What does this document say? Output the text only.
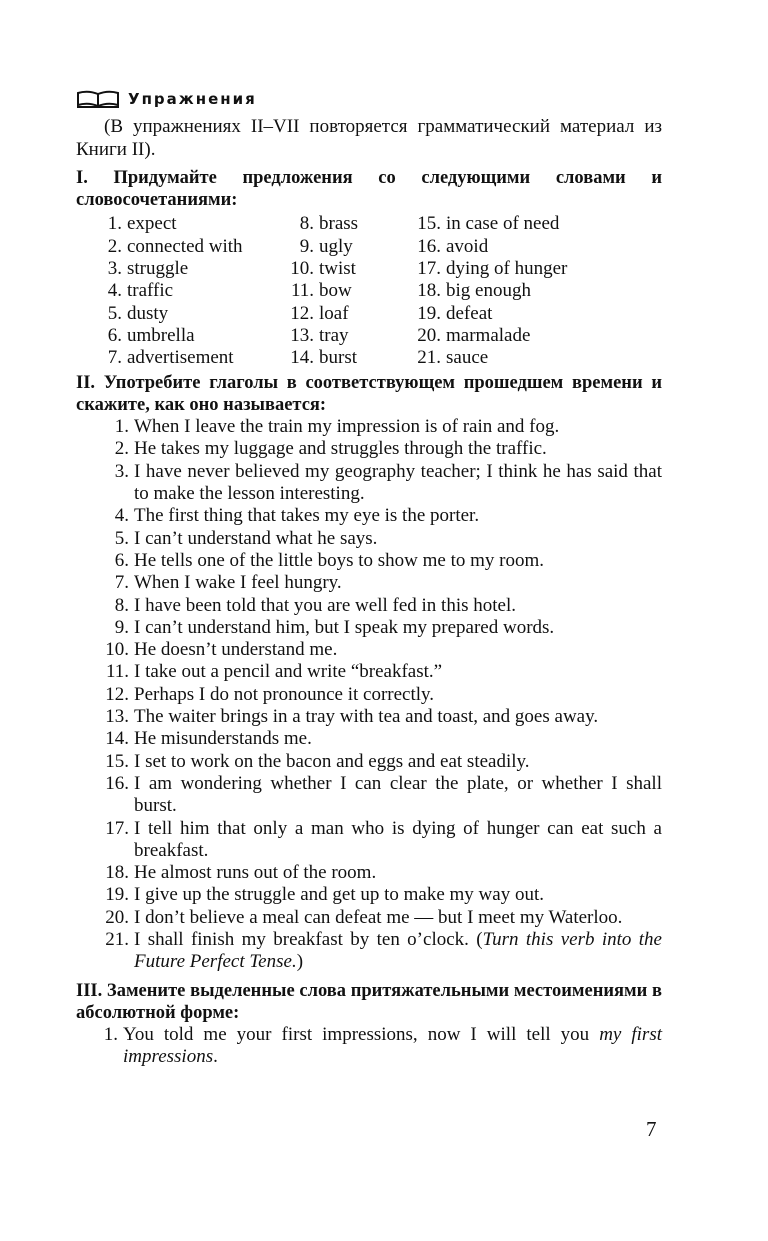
Упражнения

(В упражнениях II–VII повторяется грамматический материал из Книги II).

I. Придумайте предложения со следующими словами и словосочетаниями:

1. expect
2. connected with
3. struggle
4. traffic
5. dusty
6. umbrella
7. advertisement
8. brass
9. ugly
10. twist
11. bow
12. loaf
13. tray
14. burst
15. in case of need
16. avoid
17. dying of hunger
18. big enough
19. defeat
20. marmalade
21. sauce

II. Употребите глаголы в соответствующем прошедшем времени и скажите, как оно называется:

1. When I leave the train my impression is of rain and fog.
2. He takes my luggage and struggles through the traffic.
3. I have never believed my geography teacher; I think he has said that to make the lesson interesting.
4. The first thing that takes my eye is the porter.
5. I can’t understand what he says.
6. He tells one of the little boys to show me to my room.
7. When I wake I feel hungry.
8. I have been told that you are well fed in this hotel.
9. I can’t understand him, but I speak my prepared words.
10. He doesn’t understand me.
11. I take out a pencil and write “breakfast.”
12. Perhaps I do not pronounce it correctly.
13. The waiter brings in a tray with tea and toast, and goes away.
14. He misunderstands me.
15. I set to work on the bacon and eggs and eat steadily.
16. I am wondering whether I can clear the plate, or whether I shall burst.
17. I tell him that only a man who is dying of hunger can eat such a breakfast.
18. He almost runs out of the room.
19. I give up the struggle and get up to make my way out.
20. I don’t believe a meal can defeat me — but I meet my Waterloo.
21. I shall finish my breakfast by ten o’clock. (Turn this verb into the Future Perfect Tense.)

III. Замените выделенные слова притяжательными местоимениями в абсолютной форме:

1. You told me your first impressions, now I will tell you my first impressions.
7
